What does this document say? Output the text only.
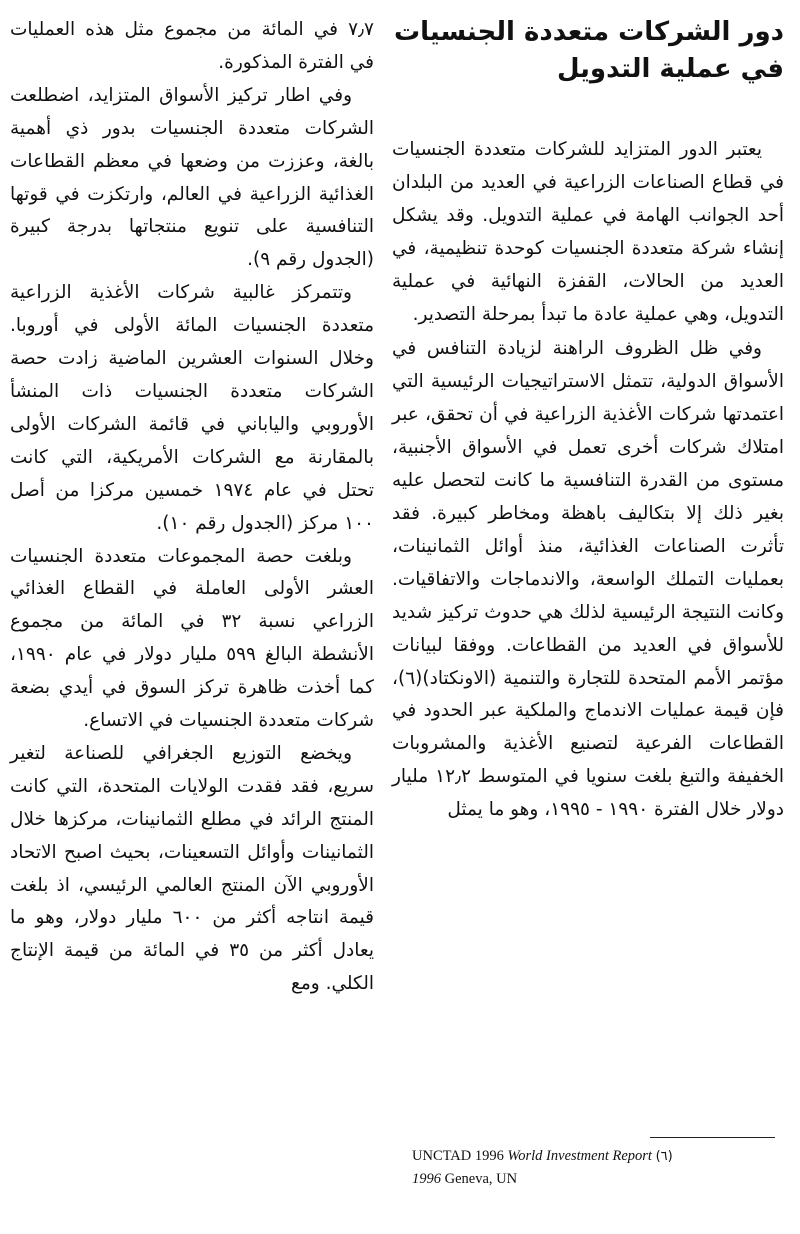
دور الشركات متعددة الجنسيات في عملية التدويل

يعتبر الدور المتزايد للشركات متعددة الجنسيات في قطاع الصناعات الزراعية في العديد من البلدان أحد الجوانب الهامة في عملية التدويل. وقد يشكل إنشاء شركة متعددة الجنسيات كوحدة تنظيمية، في العديد من الحالات، القفزة النهائية في عملية التدويل، وهي عملية عادة ما تبدأ بمرحلة التصدير.

وفي ظل الظروف الراهنة لزيادة التنافس في الأسواق الدولية، تتمثل الاستراتيجيات الرئيسية التي اعتمدتها شركات الأغذية الزراعية في أن تحقق، عبر امتلاك شركات أخرى تعمل في الأسواق الأجنبية، مستوى من القدرة التنافسية ما كانت لتحصل عليه بغير ذلك إلا بتكاليف باهظة ومخاطر كبيرة. فقد تأثرت الصناعات الغذائية، منذ أوائل الثمانينات، بعمليات التملك الواسعة، والاندماجات والاتفاقيات. وكانت النتيجة الرئيسية لذلك هي حدوث تركيز شديد للأسواق في العديد من القطاعات. ووفقا لبيانات مؤتمر الأمم المتحدة للتجارة والتنمية (الاونكتاد)(٦)، فإن قيمة عمليات الاندماج والملكية عبر الحدود في القطاعات الفرعية لتصنيع الأغذية والمشروبات الخفيفة والتبغ بلغت سنويا في المتوسط ١٢٫٢ مليار دولار خلال الفترة ١٩٩٠ - ١٩٩٥، وهو ما يمثل

٧٫٧ في المائة من مجموع مثل هذه العمليات في الفترة المذكورة.

وفي اطار تركيز الأسواق المتزايد، اضطلعت الشركات متعددة الجنسيات بدور ذي أهمية بالغة، وعززت من وضعها في معظم القطاعات الغذائية الزراعية في العالم، وارتكزت في قوتها التنافسية على تنويع منتجاتها بدرجة كبيرة (الجدول رقم ٩).

وتتمركز غالبية شركات الأغذية الزراعية متعددة الجنسيات المائة الأولى في أوروبا. وخلال السنوات العشرين الماضية زادت حصة الشركات متعددة الجنسيات ذات المنشأ الأوروبي والياباني في قائمة الشركات الأولى بالمقارنة مع الشركات الأمريكية، التي كانت تحتل في عام ١٩٧٤ خمسين مركزا من أصل ١٠٠ مركز (الجدول رقم ١٠).

وبلغت حصة المجموعات متعددة الجنسيات العشر الأولى العاملة في القطاع الغذائي الزراعي نسبة ٣٢ في المائة من مجموع الأنشطة البالغ ٥٩٩ مليار دولار في عام ١٩٩٠، كما أخذت ظاهرة تركز السوق في أيدي بضعة شركات متعددة الجنسيات في الاتساع.

ويخضع التوزيع الجغرافي للصناعة لتغير سريع، فقد فقدت الولايات المتحدة، التي كانت المنتج الرائد في مطلع الثمانينات، مركزها خلال الثمانينات وأوائل التسعينات، بحيث اصبح الاتحاد الأوروبي الآن المنتج العالمي الرئيسي، اذ بلغت قيمة انتاجه أكثر من ٦٠٠ مليار دولار، وهو ما يعادل أكثر من ٣٥ في المائة من قيمة الإنتاج الكلي. ومع

UNCTAD 1996 World Investment Report (٦)
1996 Geneva, UN
